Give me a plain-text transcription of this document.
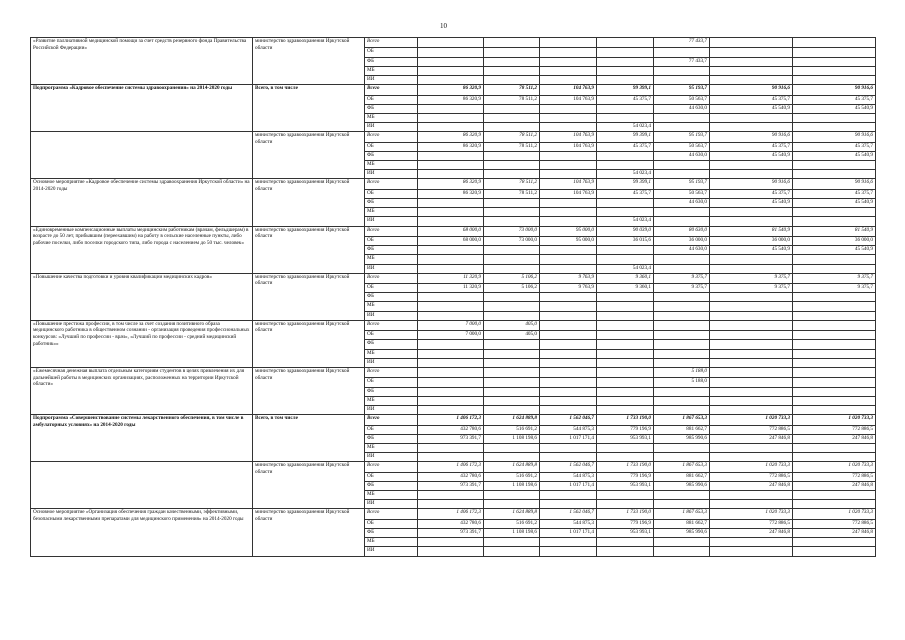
10
«Развитие паллиативной медицинской помощи за счет средств резервного фонда Правительства Российской Федерации»	министерство здравоохранения Иркутской области	Всего					77 433,7		
		ОБ							
		ФБ					77 433,7		
		МБ							
		ИИ							
Подпрограмма «Кадровое обеспечение системы здравоохранения» на 2014-2020 годы	Всего, в том числе	Всего	86 320,9	78 511,2	104 763,9	99 399,1	95 193,7	90 916,6	90 916,6
		ОБ	86 320,9	78 511,2	104 763,9	45 375,7	50 563,7	45 375,7	45 375,7
		ФБ					44 630,0	45 540,9	45 540,9
		МБ							
		ИИ				54 023,4			
	министерство здравоохранения Иркутской области	Всего	86 320,9	78 511,2	104 763,9	99 399,1	95 193,7	90 916,6	90 916,6
		ОБ	86 320,9	78 511,2	104 763,9	45 375,7	50 563,7	45 375,7	45 375,7
		ФБ					44 630,0	45 540,9	45 540,9
		МБ							
		ИИ				54 023,4			
Основное мероприятие «Кадровое обеспечение системы здравоохранения Иркутской области» на 2014-2020 годы	министерство здравоохранения Иркутской области	Всего	86 320,9	78 511,2	104 763,9	99 399,1	95 193,7	90 916,6	90 916,6
		ОБ	86 320,9	78 511,2	104 763,9	45 375,7	50 563,7	45 375,7	45 375,7
		ФБ					44 630,0	45 540,9	45 540,9
		МБ							
		ИИ				54 023,4			
«Единовременные компенсационные выплаты медицинским работникам (врачам, фельдшерам) в возрасте до 50 лет, прибывшим (переехавшим) на работу в сельские населенные пункты, либо рабочие поселки, либо поселки городского типа, либо города с населением до 50 тыс. человек»	министерство здравоохранения Иркутской области	Всего	68 000,0	73 000,0	95 000,0	90 039,0	80 630,0	81 540,9	81 540,9
		ОБ	68 000,0	73 000,0	95 000,0	36 015,6	36 000,0	36 000,0	36 000,0
		ФБ					44 630,0	45 540,9	45 540,9
		МБ							
		ИИ				54 023,4			
«Повышение качества подготовки и уровня квалификации медицинских кадров»	министерство здравоохранения Иркутской области	Всего	11 320,9	5 106,2	9 763,9	9 360,1	9 375,7	9 375,7	9 375,7
		ОБ	11 320,9	5 106,2	9 763,9	9 360,1	9 375,7	9 375,7	9 375,7
		ФБ							
		МБ							
		ИИ							
«Повышение престижа профессии, в том числе за счет создания позитивного образа медицинского работника в общественном сознании - организация проведения профессиональных конкурсов: «Лучший по профессии - врач», «Лучший по профессии - средний медицинский работник»»	министерство здравоохранения Иркутской области	Всего	7 000,0	405,0					
		ОБ	7 000,0	405,0					
		ФБ							
		МБ							
		ИИ							
«Ежемесячная денежная выплата отдельным категориям студентов в целях привлечения их для дальнейшей работы в медицинских организациях, расположенных на территории Иркутской области»	министерство здравоохранения Иркутской области	Всего					5 188,0		
		ОБ					5 188,0		
		ФБ							
		МБ							
		ИИ							
Подпрограмма «Совершенствование системы лекарственного обеспечения, в том числе в амбулаторных условиях» на 2014-2020 годы	Всего, в том числе	Всего	1 406 172,3	1 624 889,8	1 562 046,7	1 733 190,0	1 867 653,3	1 020 733,3	1 020 733,3
		ОБ	432 780,6	516 691,2	544 875,3	779 196,9	881 662,7	772 886,5	772 886,5
		ФБ	973 391,7	1 108 198,6	1 017 171,4	953 993,1	985 990,6	247 846,8	247 846,8
		МБ							
		ИИ							
	министерство здравоохранения Иркутской области	Всего	1 406 172,3	1 624 889,8	1 562 046,7	1 733 190,0	1 867 653,3	1 020 733,3	1 020 733,3
		ОБ	432 780,6	516 691,2	544 875,3	779 196,9	881 662,7	772 886,5	772 886,5
		ФБ	973 391,7	1 108 198,6	1 017 171,4	953 993,1	985 990,6	247 846,8	247 846,8
		МБ							
		ИИ							
Основное мероприятие «Организация обеспечения граждан качественными, эффективными, безопасными лекарственными препаратами для медицинского применения» на 2014-2020 годы	министерство здравоохранения Иркутской области	Всего	1 406 172,3	1 624 889,8	1 562 046,7	1 733 190,0	1 867 653,3	1 020 733,3	1 020 733,3
		ОБ	432 780,6	516 691,2	544 875,3	779 196,9	881 662,7	772 886,5	772 886,5
		ФБ	973 391,7	1 108 198,6	1 017 171,4	953 993,1	985 990,6	247 846,8	247 846,8
		МБ							
		ИИ							
